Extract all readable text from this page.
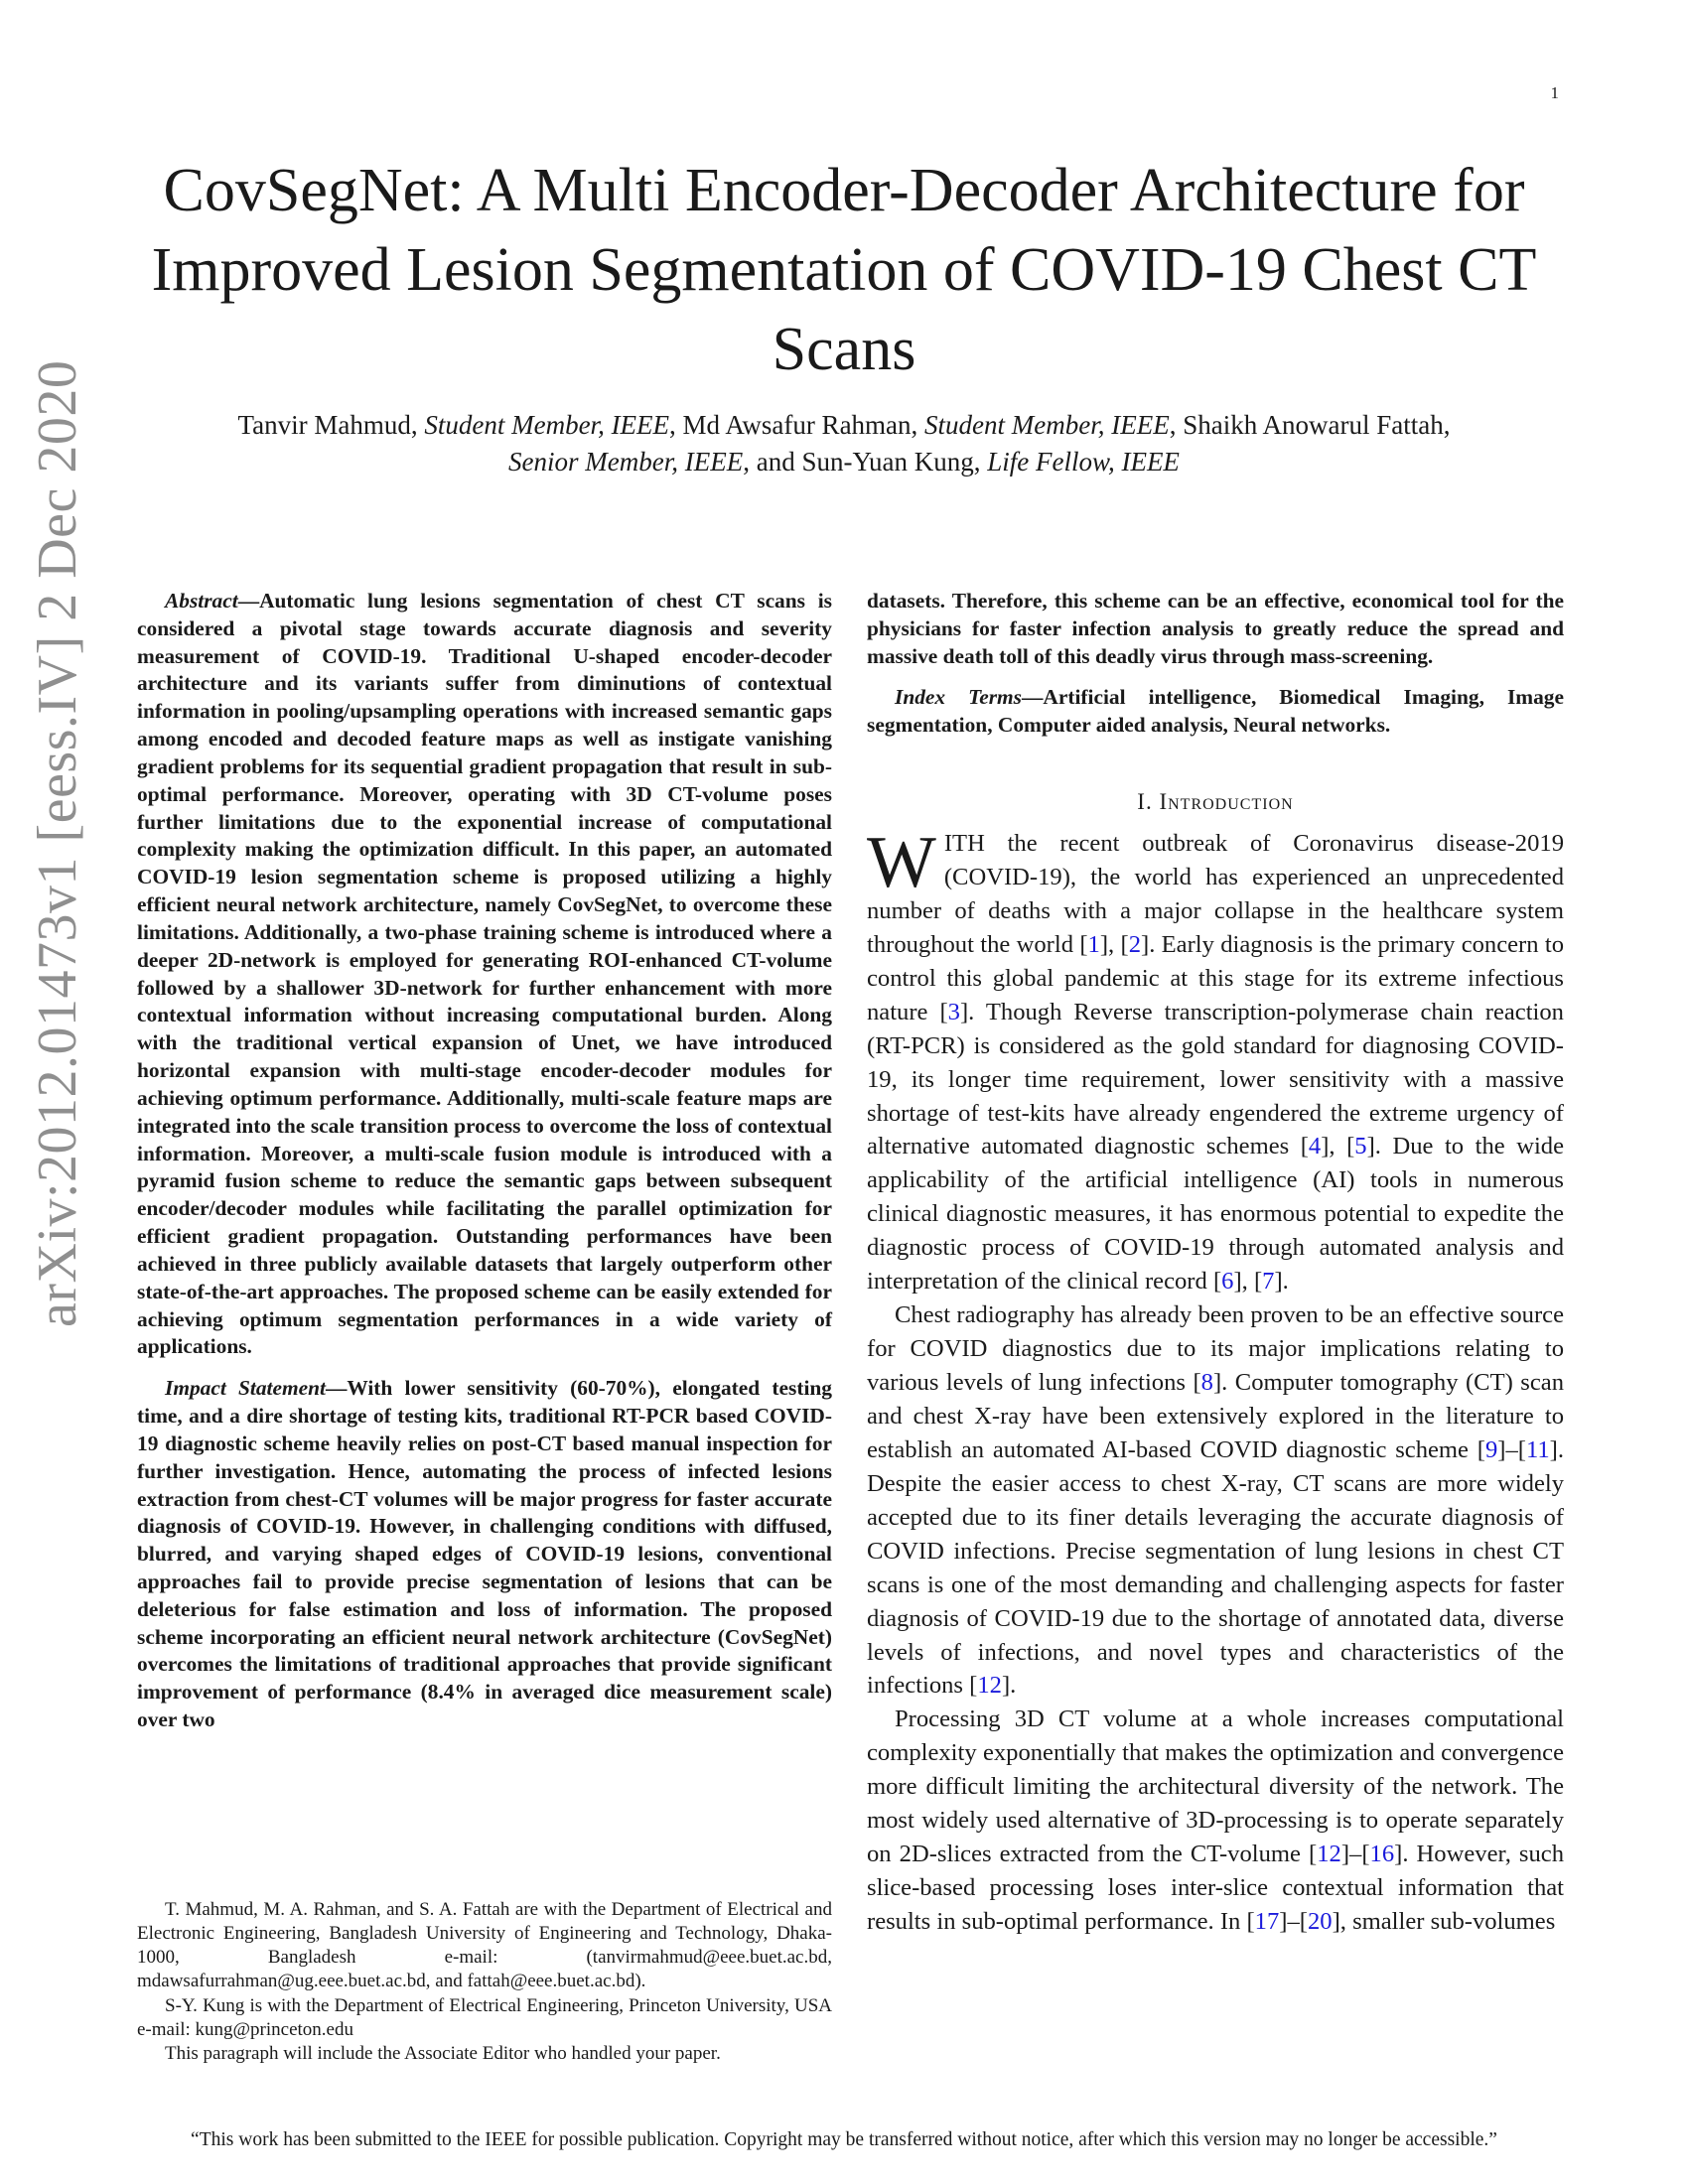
1
arXiv:2012.01473v1 [eess.IV] 2 Dec 2020
CovSegNet: A Multi Encoder-Decoder Architecture for Improved Lesion Segmentation of COVID-19 Chest CT Scans
Tanvir Mahmud, Student Member, IEEE, Md Awsafur Rahman, Student Member, IEEE, Shaikh Anowarul Fattah,
Senior Member, IEEE, and Sun-Yuan Kung, Life Fellow, IEEE

Abstract—Automatic lung lesions segmentation of chest CT scans is considered a pivotal stage towards accurate diagnosis and severity measurement of COVID-19. Traditional U-shaped encoder-decoder architecture and its variants suffer from diminutions of contextual information in pooling/upsampling operations with increased semantic gaps among encoded and decoded feature maps as well as instigate vanishing gradient problems for its sequential gradient propagation that result in sub-optimal performance. Moreover, operating with 3D CT-volume poses further limitations due to the exponential increase of computational complexity making the optimization difficult. In this paper, an automated COVID-19 lesion segmentation scheme is proposed utilizing a highly efficient neural network architecture, namely CovSegNet, to overcome these limitations. Additionally, a two-phase training scheme is introduced where a deeper 2D-network is employed for generating ROI-enhanced CT-volume followed by a shallower 3D-network for further enhancement with more contextual information without increasing computational burden. Along with the traditional vertical expansion of Unet, we have introduced horizontal expansion with multi-stage encoder-decoder modules for achieving optimum performance. Additionally, multi-scale feature maps are integrated into the scale transition process to overcome the loss of contextual information. Moreover, a multi-scale fusion module is introduced with a pyramid fusion scheme to reduce the semantic gaps between subsequent encoder/decoder modules while facilitating the parallel optimization for efficient gradient propagation. Outstanding performances have been achieved in three publicly available datasets that largely outperform other state-of-the-art approaches. The proposed scheme can be easily extended for achieving optimum segmentation performances in a wide variety of applications.

Impact Statement—With lower sensitivity (60-70%), elongated testing time, and a dire shortage of testing kits, traditional RT-PCR based COVID-19 diagnostic scheme heavily relies on post-CT based manual inspection for further investigation. Hence, automating the process of infected lesions extraction from chest-CT volumes will be major progress for faster accurate diagnosis of COVID-19. However, in challenging conditions with diffused, blurred, and varying shaped edges of COVID-19 lesions, conventional approaches fail to provide precise segmentation of lesions that can be deleterious for false estimation and loss of information. The proposed scheme incorporating an efficient neural network architecture (CovSegNet) overcomes the limitations of traditional approaches that provide significant improvement of performance (8.4% in averaged dice measurement scale) over two

datasets. Therefore, this scheme can be an effective, economical tool for the physicians for faster infection analysis to greatly reduce the spread and massive death toll of this deadly virus through mass-screening.

Index Terms—Artificial intelligence, Biomedical Imaging, Image segmentation, Computer aided analysis, Neural networks.

I. Introduction

WITH the recent outbreak of Coronavirus disease-2019 (COVID-19), the world has experienced an unprecedented number of deaths with a major collapse in the healthcare system throughout the world [1], [2]. Early diagnosis is the primary concern to control this global pandemic at this stage for its extreme infectious nature [3]. Though Reverse transcription-polymerase chain reaction (RT-PCR) is considered as the gold standard for diagnosing COVID-19, its longer time requirement, lower sensitivity with a massive shortage of test-kits have already engendered the extreme urgency of alternative automated diagnostic schemes [4], [5]. Due to the wide applicability of the artificial intelligence (AI) tools in numerous clinical diagnostic measures, it has enormous potential to expedite the diagnostic process of COVID-19 through automated analysis and interpretation of the clinical record [6], [7].

Chest radiography has already been proven to be an effective source for COVID diagnostics due to its major implications relating to various levels of lung infections [8]. Computer tomography (CT) scan and chest X-ray have been extensively explored in the literature to establish an automated AI-based COVID diagnostic scheme [9]–[11]. Despite the easier access to chest X-ray, CT scans are more widely accepted due to its finer details leveraging the accurate diagnosis of COVID infections. Precise segmentation of lung lesions in chest CT scans is one of the most demanding and challenging aspects for faster diagnosis of COVID-19 due to the shortage of annotated data, diverse levels of infections, and novel types and characteristics of the infections [12].

Processing 3D CT volume at a whole increases computational complexity exponentially that makes the optimization and convergence more difficult limiting the architectural diversity of the network. The most widely used alternative of 3D-processing is to operate separately on 2D-slices extracted from the CT-volume [12]–[16]. However, such slice-based processing loses inter-slice contextual information that results in sub-optimal performance. In [17]–[20], smaller sub-volumes

T. Mahmud, M. A. Rahman, and S. A. Fattah are with the Department of Electrical and Electronic Engineering, Bangladesh University of Engineering and Technology, Dhaka-1000, Bangladesh e-mail: (tanvirmahmud@eee.buet.ac.bd, mdawsafurrahman@ug.eee.buet.ac.bd, and fattah@eee.buet.ac.bd).

S-Y. Kung is with the Department of Electrical Engineering, Princeton University, USA e-mail: kung@princeton.edu

This paragraph will include the Associate Editor who handled your paper.

“This work has been submitted to the IEEE for possible publication. Copyright may be transferred without notice, after which this version may no longer be accessible.”
